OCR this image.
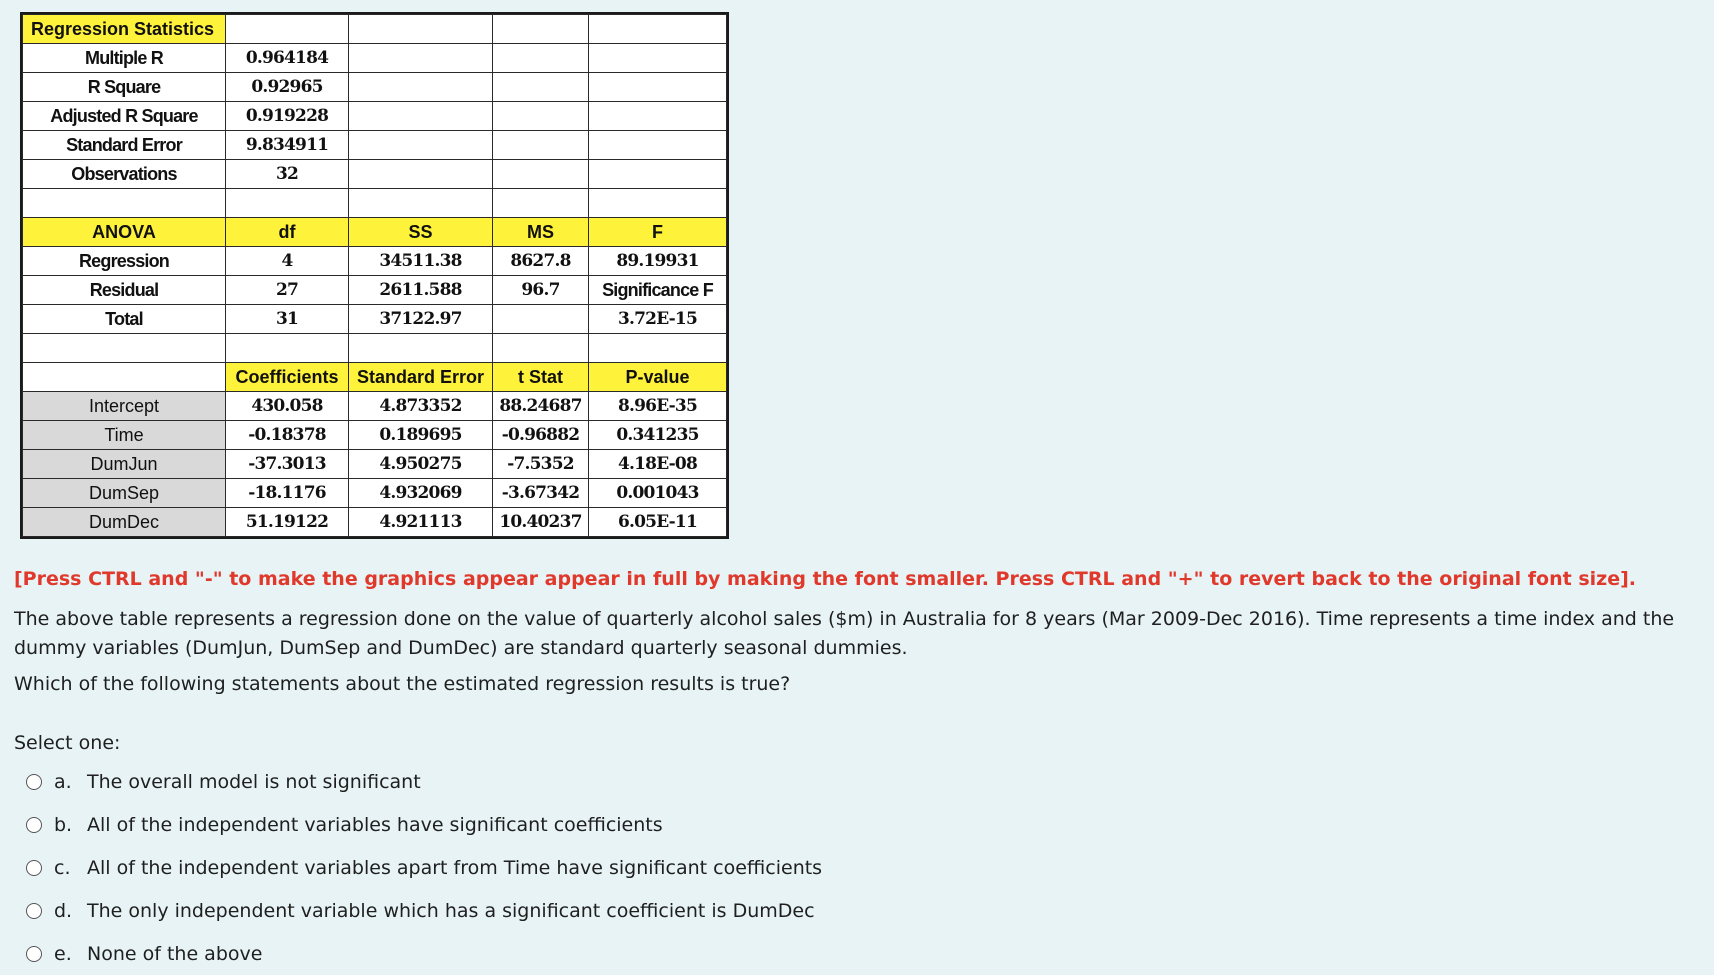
Regression Statistics				
Multiple R	0.964184			
R Square	0.92965			
Adjusted R Square	0.919228			
Standard Error	9.834911			
Observations	32			

ANOVA	df	SS	MS	F
Regression	4	34511.38	8627.8	89.19931
Residual	27	2611.588	96.7	Significance F
Total	31	37122.97		3.72E-15

	Coefficients	Standard Error	t Stat	P-value
Intercept	430.058	4.873352	88.24687	8.96E-35
Time	-0.18378	0.189695	-0.96882	0.341235
DumJun	-37.3013	4.950275	-7.5352	4.18E-08
DumSep	-18.1176	4.932069	-3.67342	0.001043
DumDec	51.19122	4.921113	10.40237	6.05E-11
[Press CTRL and "-" to make the graphics appear appear in full by making the font smaller. Press CTRL and "+" to revert back to the original font size].
The above table represents a regression done on the value of quarterly alcohol sales ($m) in Australia for 8 years (Mar 2009-Dec 2016). Time represents a time index and the dummy variables (DumJun, DumSep and DumDec) are standard quarterly seasonal dummies.
Which of the following statements about the estimated regression results is true?
Select one:
a. The overall model is not significant
b. All of the independent variables have significant coefficients
c. All of the independent variables apart from Time have significant coefficients
d. The only independent variable which has a significant coefficient is DumDec
e. None of the above
